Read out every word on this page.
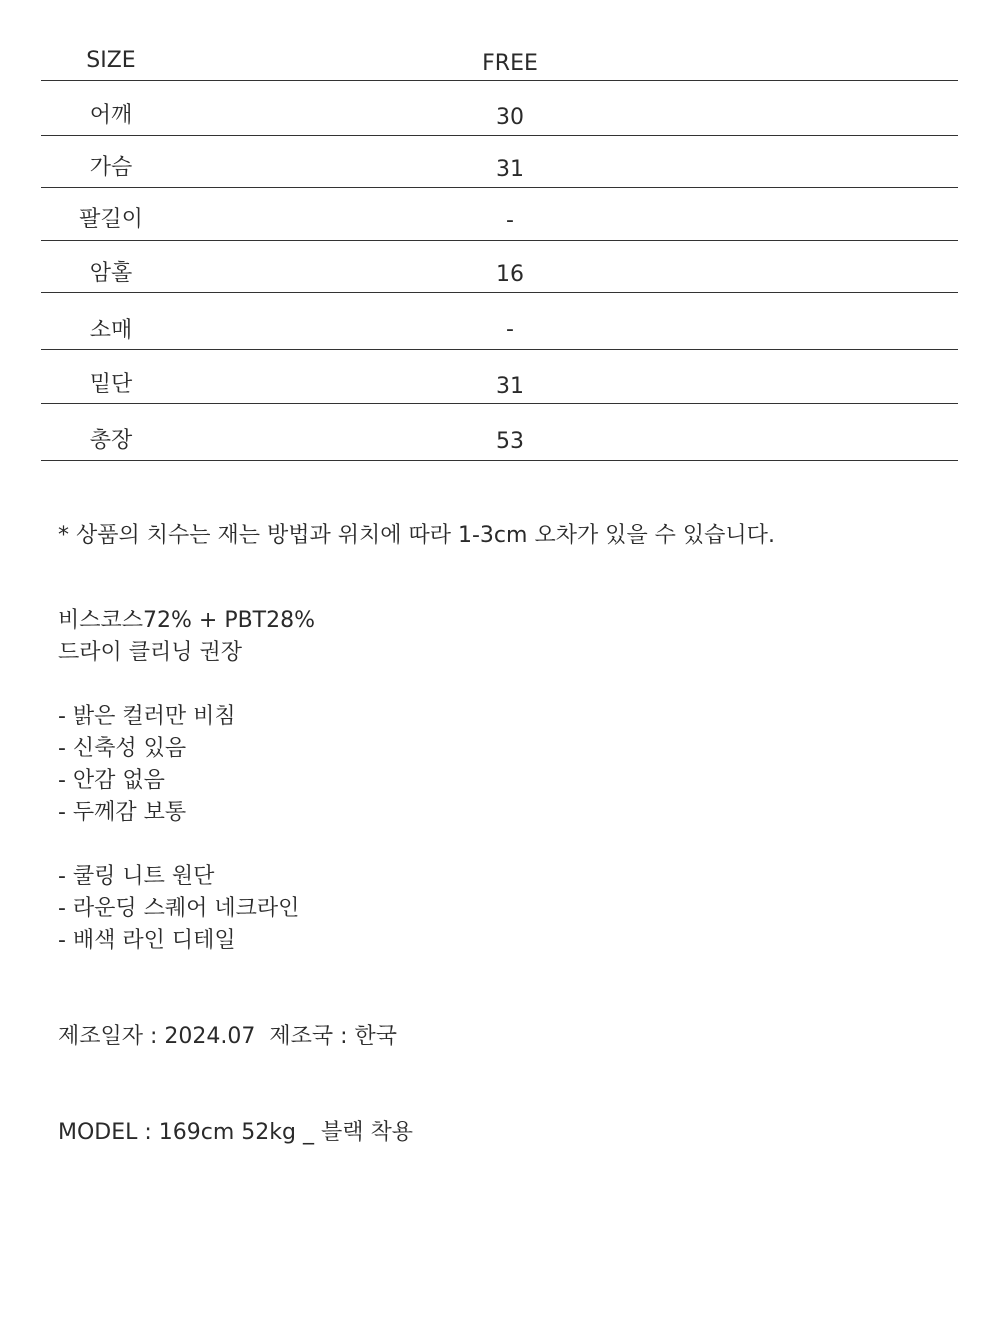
SIZE	FREE
어깨	30
가슴	31
팔길이	-
암홀	16
소매	-
밑단	31
총장	53
* 상품의 치수는 재는 방법과 위치에 따라 1-3cm 오차가 있을 수 있습니다.
비스코스72% + PBT28%
드라이 클리닝 권장
- 밝은 컬러만 비침
- 신축성 있음
- 안감 없음
- 두께감 보통
- 쿨링 니트 원단
- 라운딩 스퀘어 네크라인
- 배색 라인 디테일
제조일자 : 2024.07  제조국 : 한국
MODEL : 169cm 52kg _ 블랙 착용
